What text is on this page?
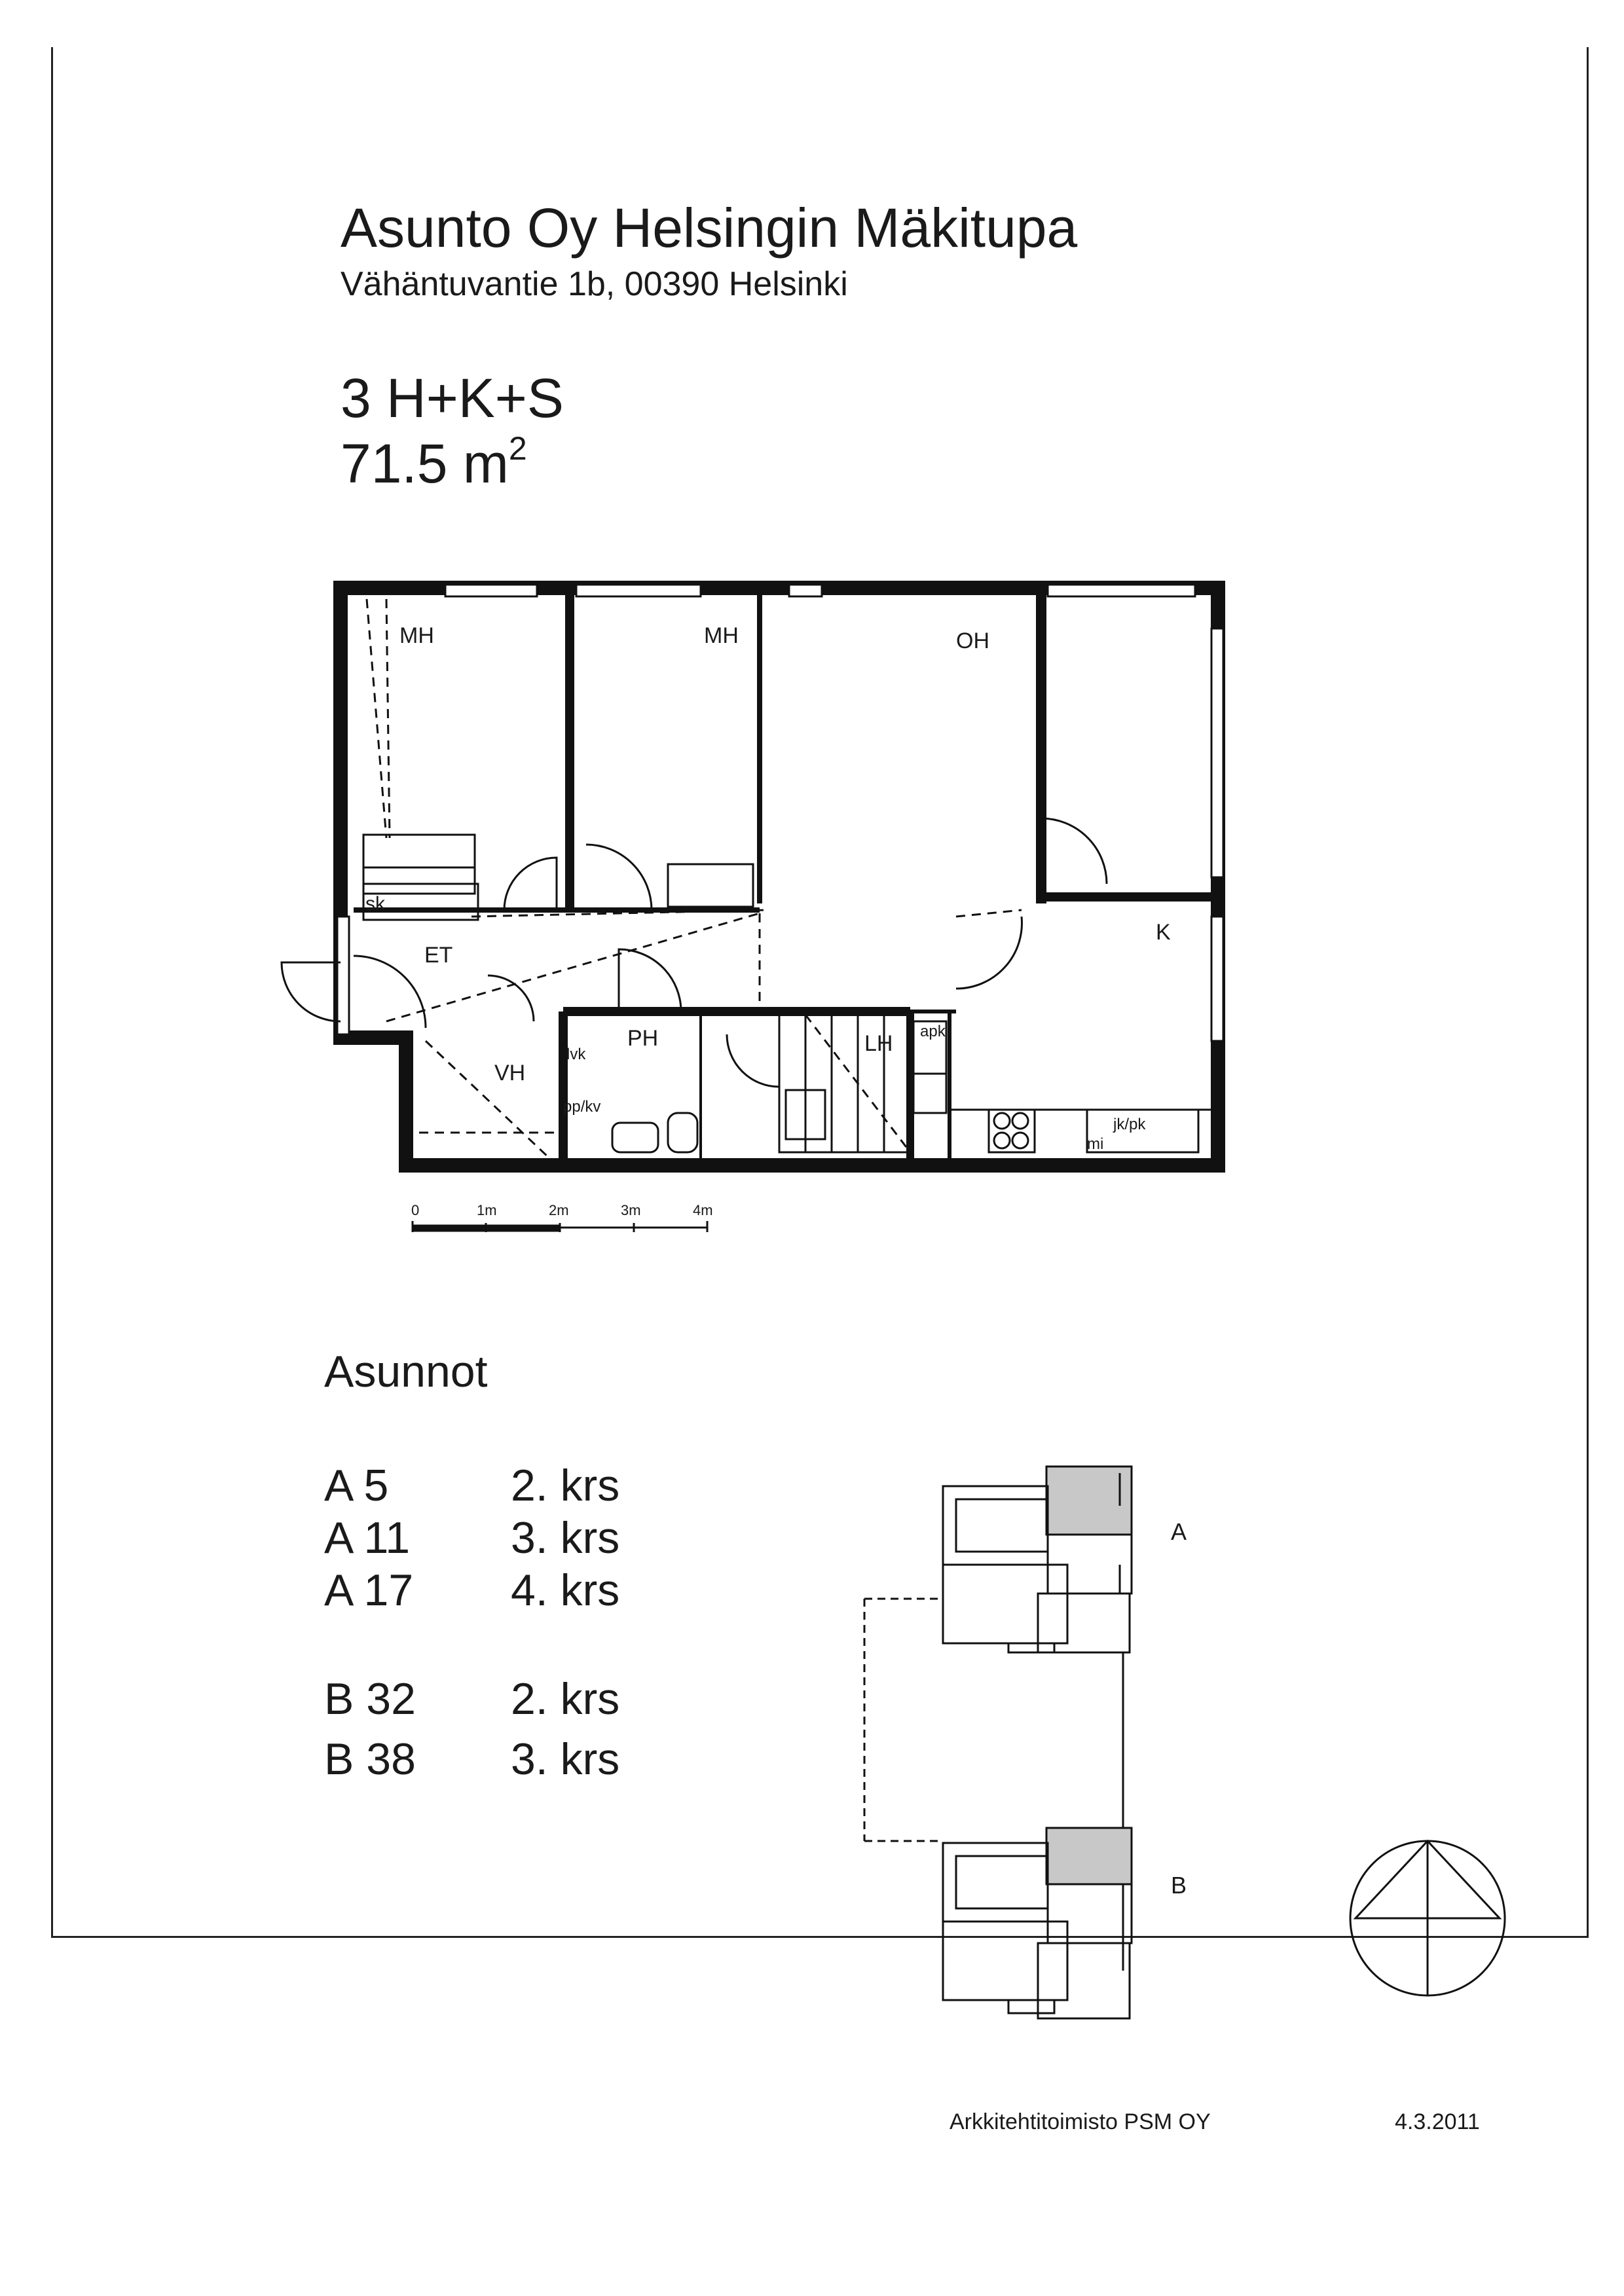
Asunto Oy Helsingin Mäkitupa
Vähäntuvantie 1b, 00390 Helsinki
3 H+K+S
71.5 $m^2$
MH	MH	OH
K
ET
VH
PH	LH
sk
lvk
pp/kv
apk
jk/pk
mi
0	1m	2m	3m	4m
Asunnot
A 5	2. krs
A 11 3. krs
A 17 4. krs
B 32 2. krs
B 38 3. krs
A
B
Arkkitehtitoimisto PSM OY	4.3.2011
